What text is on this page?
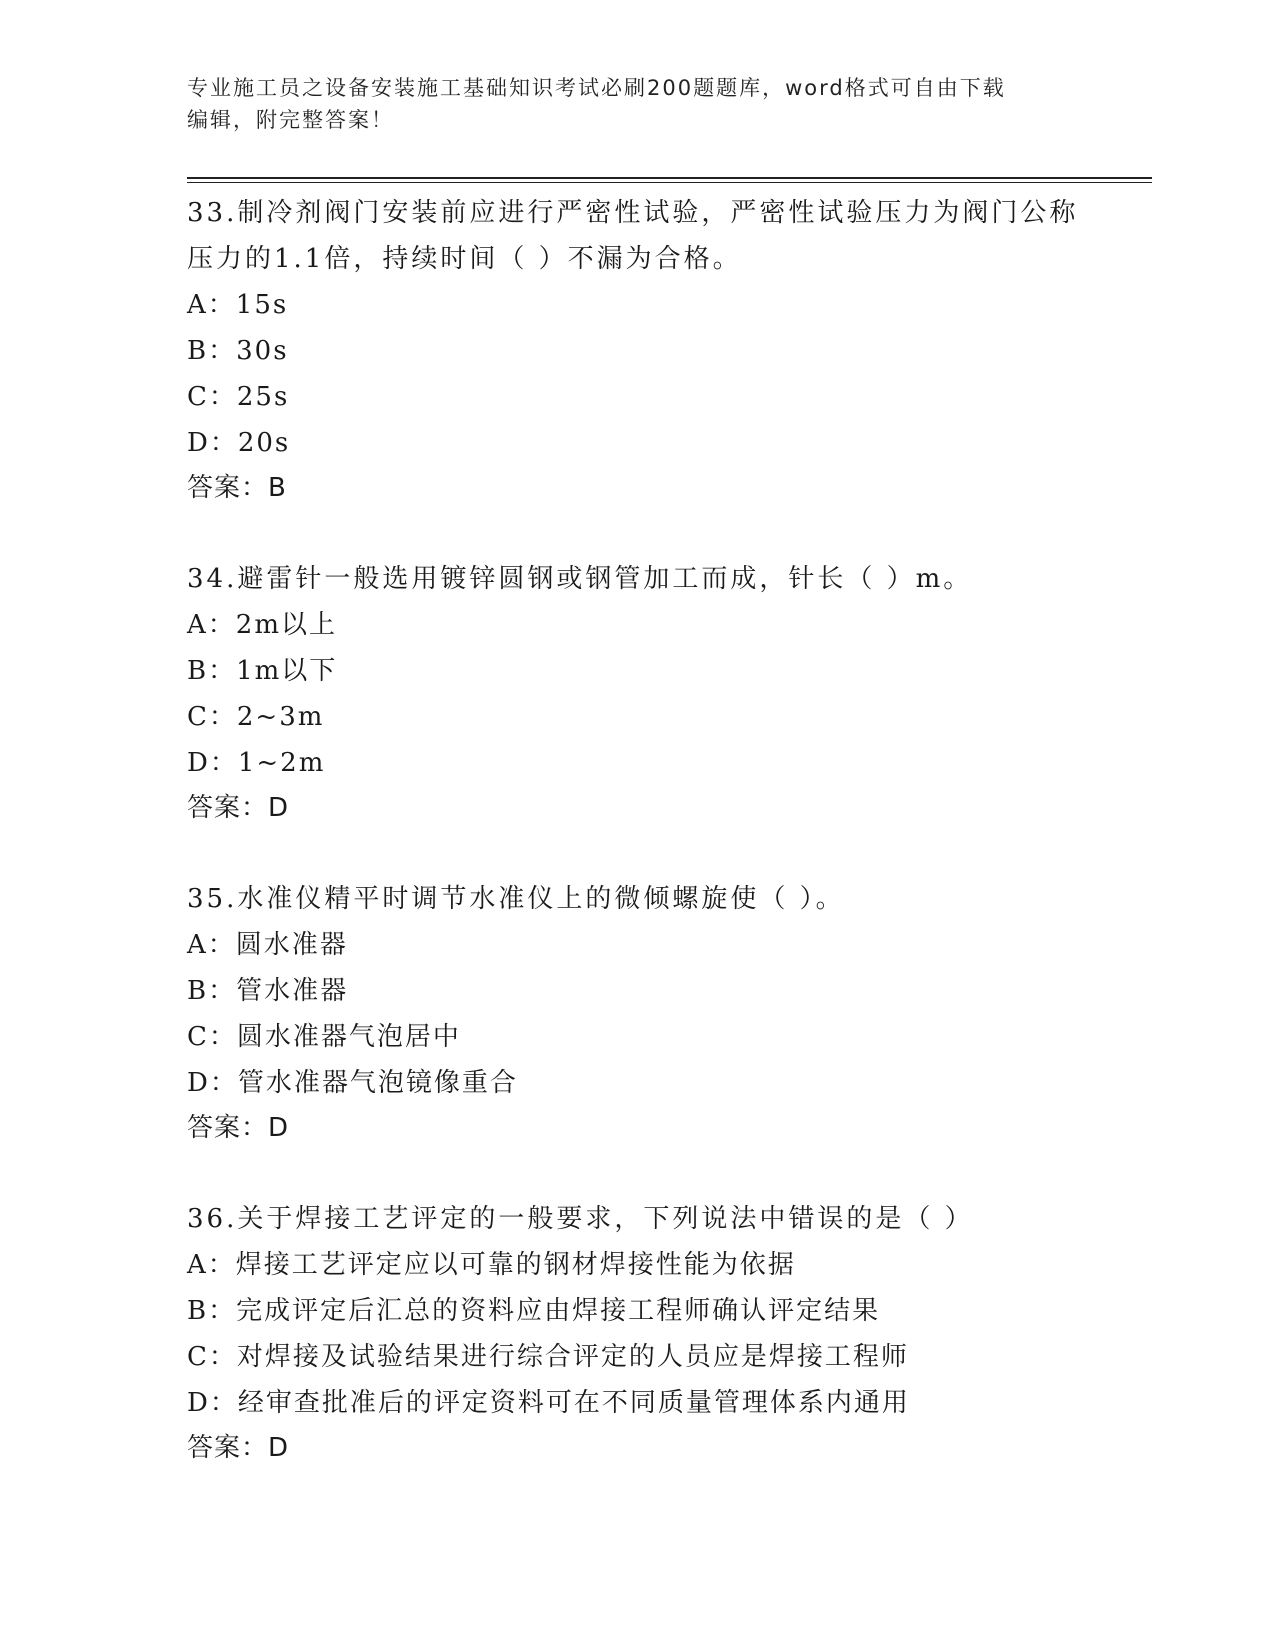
专业施工员之设备安装施工基础知识考试必刷200题题库，word格式可自由下载
编辑，附完整答案！
33.制冷剂阀门安装前应进行严密性试验，严密性试验压力为阀门公称
压力的1.1倍，持续时间（ ）不漏为合格。
A：15s
B：30s
C：25s
D：20s
答案：B
34.避雷针一般选用镀锌圆钢或钢管加工而成，针长（ ）m。
A：2m以上
B：1m以下
C：2~3m
D：1~2m
答案：D
35.水准仪精平时调节水准仪上的微倾螺旋使（ ）。
A：圆水准器
B：管水准器
C：圆水准器气泡居中
D：管水准器气泡镜像重合
答案：D
36.关于焊接工艺评定的一般要求，下列说法中错误的是（ ）
A：焊接工艺评定应以可靠的钢材焊接性能为依据
B：完成评定后汇总的资料应由焊接工程师确认评定结果
C：对焊接及试验结果进行综合评定的人员应是焊接工程师
D：经审查批准后的评定资料可在不同质量管理体系内通用
答案：D
